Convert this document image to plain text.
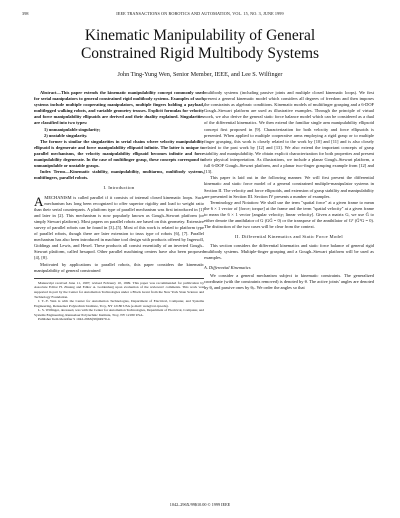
398	IEEE TRANSACTIONS ON ROBOTICS AND AUTOMATION, VOL. 15, NO. 3, JUNE 1999
Kinematic Manipulability of General
Constrained Rigid Multibody Systems
John Ting-Yung Wen, Senior Member, IEEE, and Lee S. Wilfinger

Abstract—This paper extends the kinematic manipulability concept commonly used for serial manipulators to general constrained rigid multibody systems. Examples of such systems include multiple cooperating manipulators, multiple fingers holding a payload, multilegged walking robots, and variable geometry trusses. Explicit formulas for velocity and force manipulability ellipsoids are derived and their duality explained. Singularities are classified into two types:

1) unmanipulable singularity;
2) unstable singularity.

The former is similar the singularities in serial chains where velocity manipulability ellipsoid is degenerate and force manipulability ellipsoid infinite. The latter is unique to parallel mechanisms, the velocity manipulability ellipsoid becomes infinite and force manipulability degenerate. In the case of multifinger grasp, these concepts correspond to unmanipulable or unstable grasps.

Index Terms—Kinematic stability, manipulability, multiarms, multibody systems, multifingers, parallel robots.

I. Introduction

AMECHANISM is called parallel if it consists of internal closed kinematic loops. Such mechanism has long been recognized to offer superior rigidity and load to weight ratio than their serial counterparts. A platform type of parallel mechanism was first introduced in [1] and later in [2]. This mechanism is now popularly known as Gough–Stewart platform (or simply Stewart platform). Most papers on parallel robots are based on this geometry. Extensive survey of parallel robots can be found in [3]–[5]. Most of this work is related to platform type of parallel robots, though there are later extension to truss type of robots [6], [7]. Parallel mechanism has also been introduced in machine tool design with products offered by Ingersoll, Giddings and Lewis, and Hexel. These products all consist essentially of an inverted Gough–Stewart platform, called hexapod. Other parallel machining centers have also been proposed [4], [8].

Motivated by applications to parallel robots, this paper considers the kinematic manipulability of general constrained

Manuscript received June 11, 1997; revised February 10, 1999. This paper was recommended for publication by Associate Editor H. Zhuang and Editor A. Goldenberg upon evaluation of the reviewers' comments. This work was supported in part by the Center for Automation Technologies under a Block Grant from the New York State Science and Technology Foundation.

J. T.-Y. Wen is with the Center for Automation Technologies, Department of Electrical, Computer, and Systems Engineering, Rensselaer Polytechnic Institute, Troy, NY 12180 USA (e-mail: wen@cat.rpi.edu).

L. S. Wilfinger, deceased, was with the Center for Automation Technologies, Department of Electrical, Computer, and Systems Engineering, Rensselaer Polytechnic Institute, Troy, NY 12180 USA.

Publisher Item Identifier S 1042-296X(99)04970-4.

multibody systems (including passive joints and multiple closed kinematic loops). We first present a general kinematic model which considers all degrees of freedom and then imposes the constraints as algebraic conditions. Kinematic models of multifinger grasping and a 6-DOF Gough–Stewart platform are used as illustrative examples. Through the principle of virtual work, we also derive the general static force balance model which can be considered as a dual of the differential kinematics. We then extend the familiar single arm manipulability ellipsoid concept first proposed in [9]. Characterization for both velocity and force ellipsoids is presented. When applied to multiple cooperative arms employing a rigid grasp or to multiple finger grasping, this work is closely related to the work by [10] and [11] and is also closely related to the past work by [12] and [13]. We also extend the important concepts of grasp stability and manipulability. We obtain explicit characterization for both properties and present their physical interpretation. As illustrations, we include a planar Gough–Stewart platform, a full 6-DOF Gough–Stewart platform, and a planar two-finger grasping example from [12] and [13].

This paper is laid out in the following manner. We will first present the differential kinematic and static force model of a general constrained multiple-manipulator systems in Section II. The velocity and force ellipsoids, and extension of grasp stability and manipulability are presented in Section III. Section IV presents a number of examples.

Terminology and Notation: We shall use the term "spatial force" at a given frame to mean the 6 × 1 vector of [force; torque] at the frame and the term "spatial velocity" at a given frame to mean the 6 × 1 vector [angular velocity; linear velocity]. Given a matrix G, we use G̃ to either denote the annihilator of G (GG̃ = 0) or the transpose of the annihilator of Gᵀ (G̃ᵀG = 0). The distinction of the two cases will be clear from the context.

II. Differential Kinematics and Static Force Model

This section considers the differential kinematics and static force balance of general rigid multibody systems. Multiple-finger grasping and a Gough–Stewart platform will be used as examples.

A. Differential Kinematics

We consider a general mechanism subject to kinematic constraints. The generalized coordinate (with the constraints removed) is denoted by θ. The active joints' angles are denoted by θₐ and passive ones by θₚ. We order the angles so that

1042–296X/99$10.00 © 1999 IEEE
